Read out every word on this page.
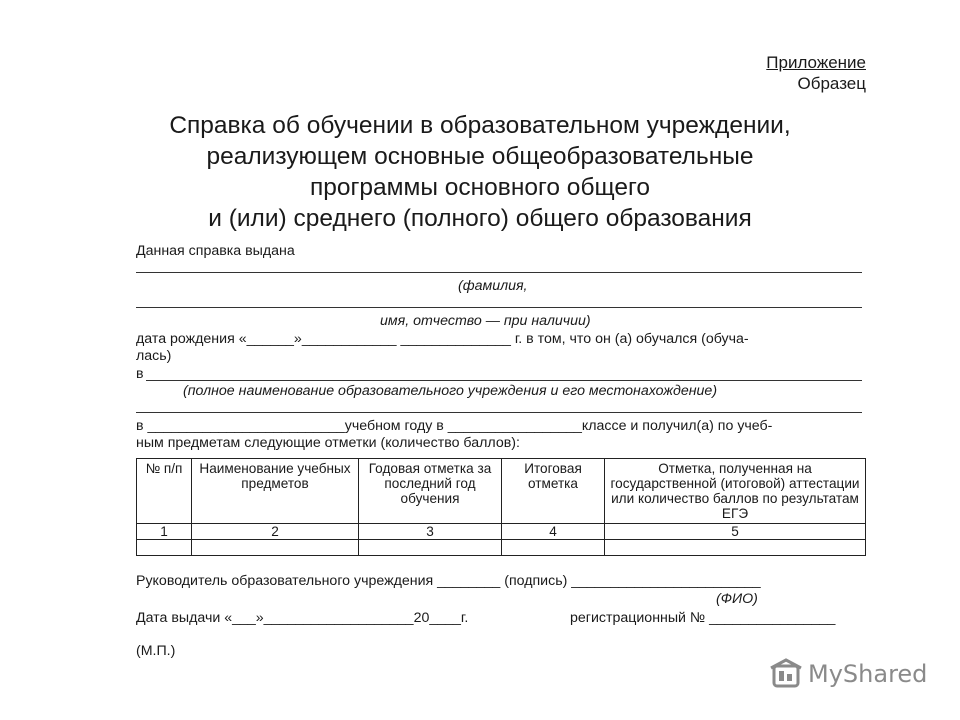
Приложение
Образец
Справка об обучении в образовательном учреждении,
реализующем основные общеобразовательные
программы основного общего
и (или) среднего (полного) общего образования
Данная справка выдана
(фамилия,
имя, отчество — при наличии)
дата рождения «______»____________ ______________ г. в том, что он (а) обучался (обуча-
лась)
в
(полное наименование образовательного учреждения и его местонахождение)
в _________________________учебном году в _________________классе и получил(а) по учеб-
ным предметам следующие отметки (количество баллов):
№ п/п	Наименование учебных предметов	Годовая отметка за последний год обучения	Итоговая отметка	Отметка, полученная на государственной (итоговой) аттестации или количество баллов по результатам ЕГЭ
1	2	3	4	5

Руководитель образовательного учреждения ________ (подпись) ________________________
(ФИО)
Дата выдачи «___»___________________20____г.	регистрационный № ________________
(М.П.)
MyShared
